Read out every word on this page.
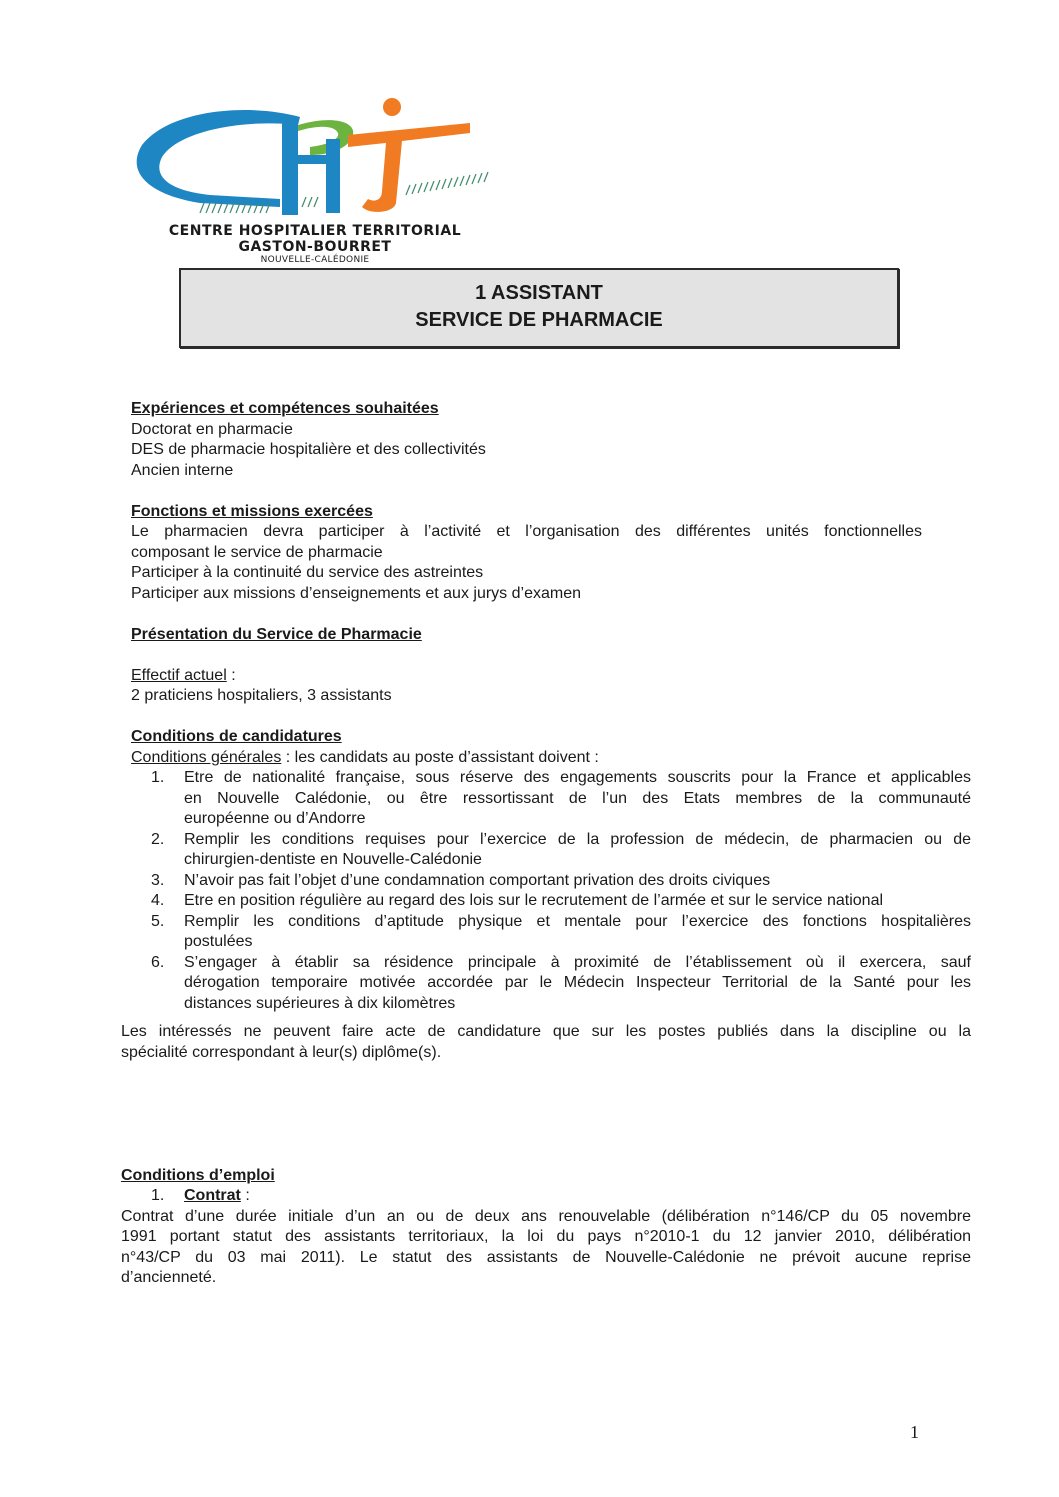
CENTRE HOSPITALIER TERRITORIAL
GASTON-BOURRET
NOUVELLE-CALÉDONIE
1 ASSISTANT
SERVICE DE PHARMACIE
Expériences et compétences souhaitées
Doctorat en pharmacie
DES de pharmacie hospitalière et des collectivités
Ancien interne
Fonctions et missions exercées
Le pharmacien devra participer à l’activité et l’organisation des différentes unités fonctionnelles
composant le service de pharmacie
Participer à la continuité du service des astreintes
Participer aux missions d’enseignements et aux jurys d’examen
Présentation du Service de Pharmacie
Effectif actuel :
2 praticiens hospitaliers, 3 assistants
Conditions de candidatures
Conditions générales : les candidats au poste d’assistant doivent :
1. Etre de nationalité française, sous réserve des engagements souscrits pour la France et applicables
en Nouvelle Calédonie, ou être ressortissant de l’un des Etats membres de la communauté
européenne ou d’Andorre
2. Remplir les conditions requises pour l’exercice de la profession de médecin, de pharmacien ou de
chirurgien-dentiste en Nouvelle-Calédonie
3. N’avoir pas fait l’objet d’une condamnation comportant privation des droits civiques
4. Etre en position régulière au regard des lois sur le recrutement de l’armée et sur le service national
5. Remplir les conditions d’aptitude physique et mentale pour l’exercice des fonctions hospitalières
postulées
6. S’engager à établir sa résidence principale à proximité de l’établissement où il exercera, sauf
dérogation temporaire motivée accordée par le Médecin Inspecteur Territorial de la Santé pour les
distances supérieures à dix kilomètres
Les intéressés ne peuvent faire acte de candidature que sur les postes publiés dans la discipline ou la
spécialité correspondant à leur(s) diplôme(s).
Conditions d’emploi
1. Contrat :
Contrat d’une durée initiale d’un an ou de deux ans renouvelable (délibération n°146/CP du 05 novembre
1991 portant statut des assistants territoriaux, la loi du pays n°2010-1 du 12 janvier 2010, délibération
n°43/CP du 03 mai 2011). Le statut des assistants de Nouvelle-Calédonie ne prévoit aucune reprise
d’ancienneté.
1
